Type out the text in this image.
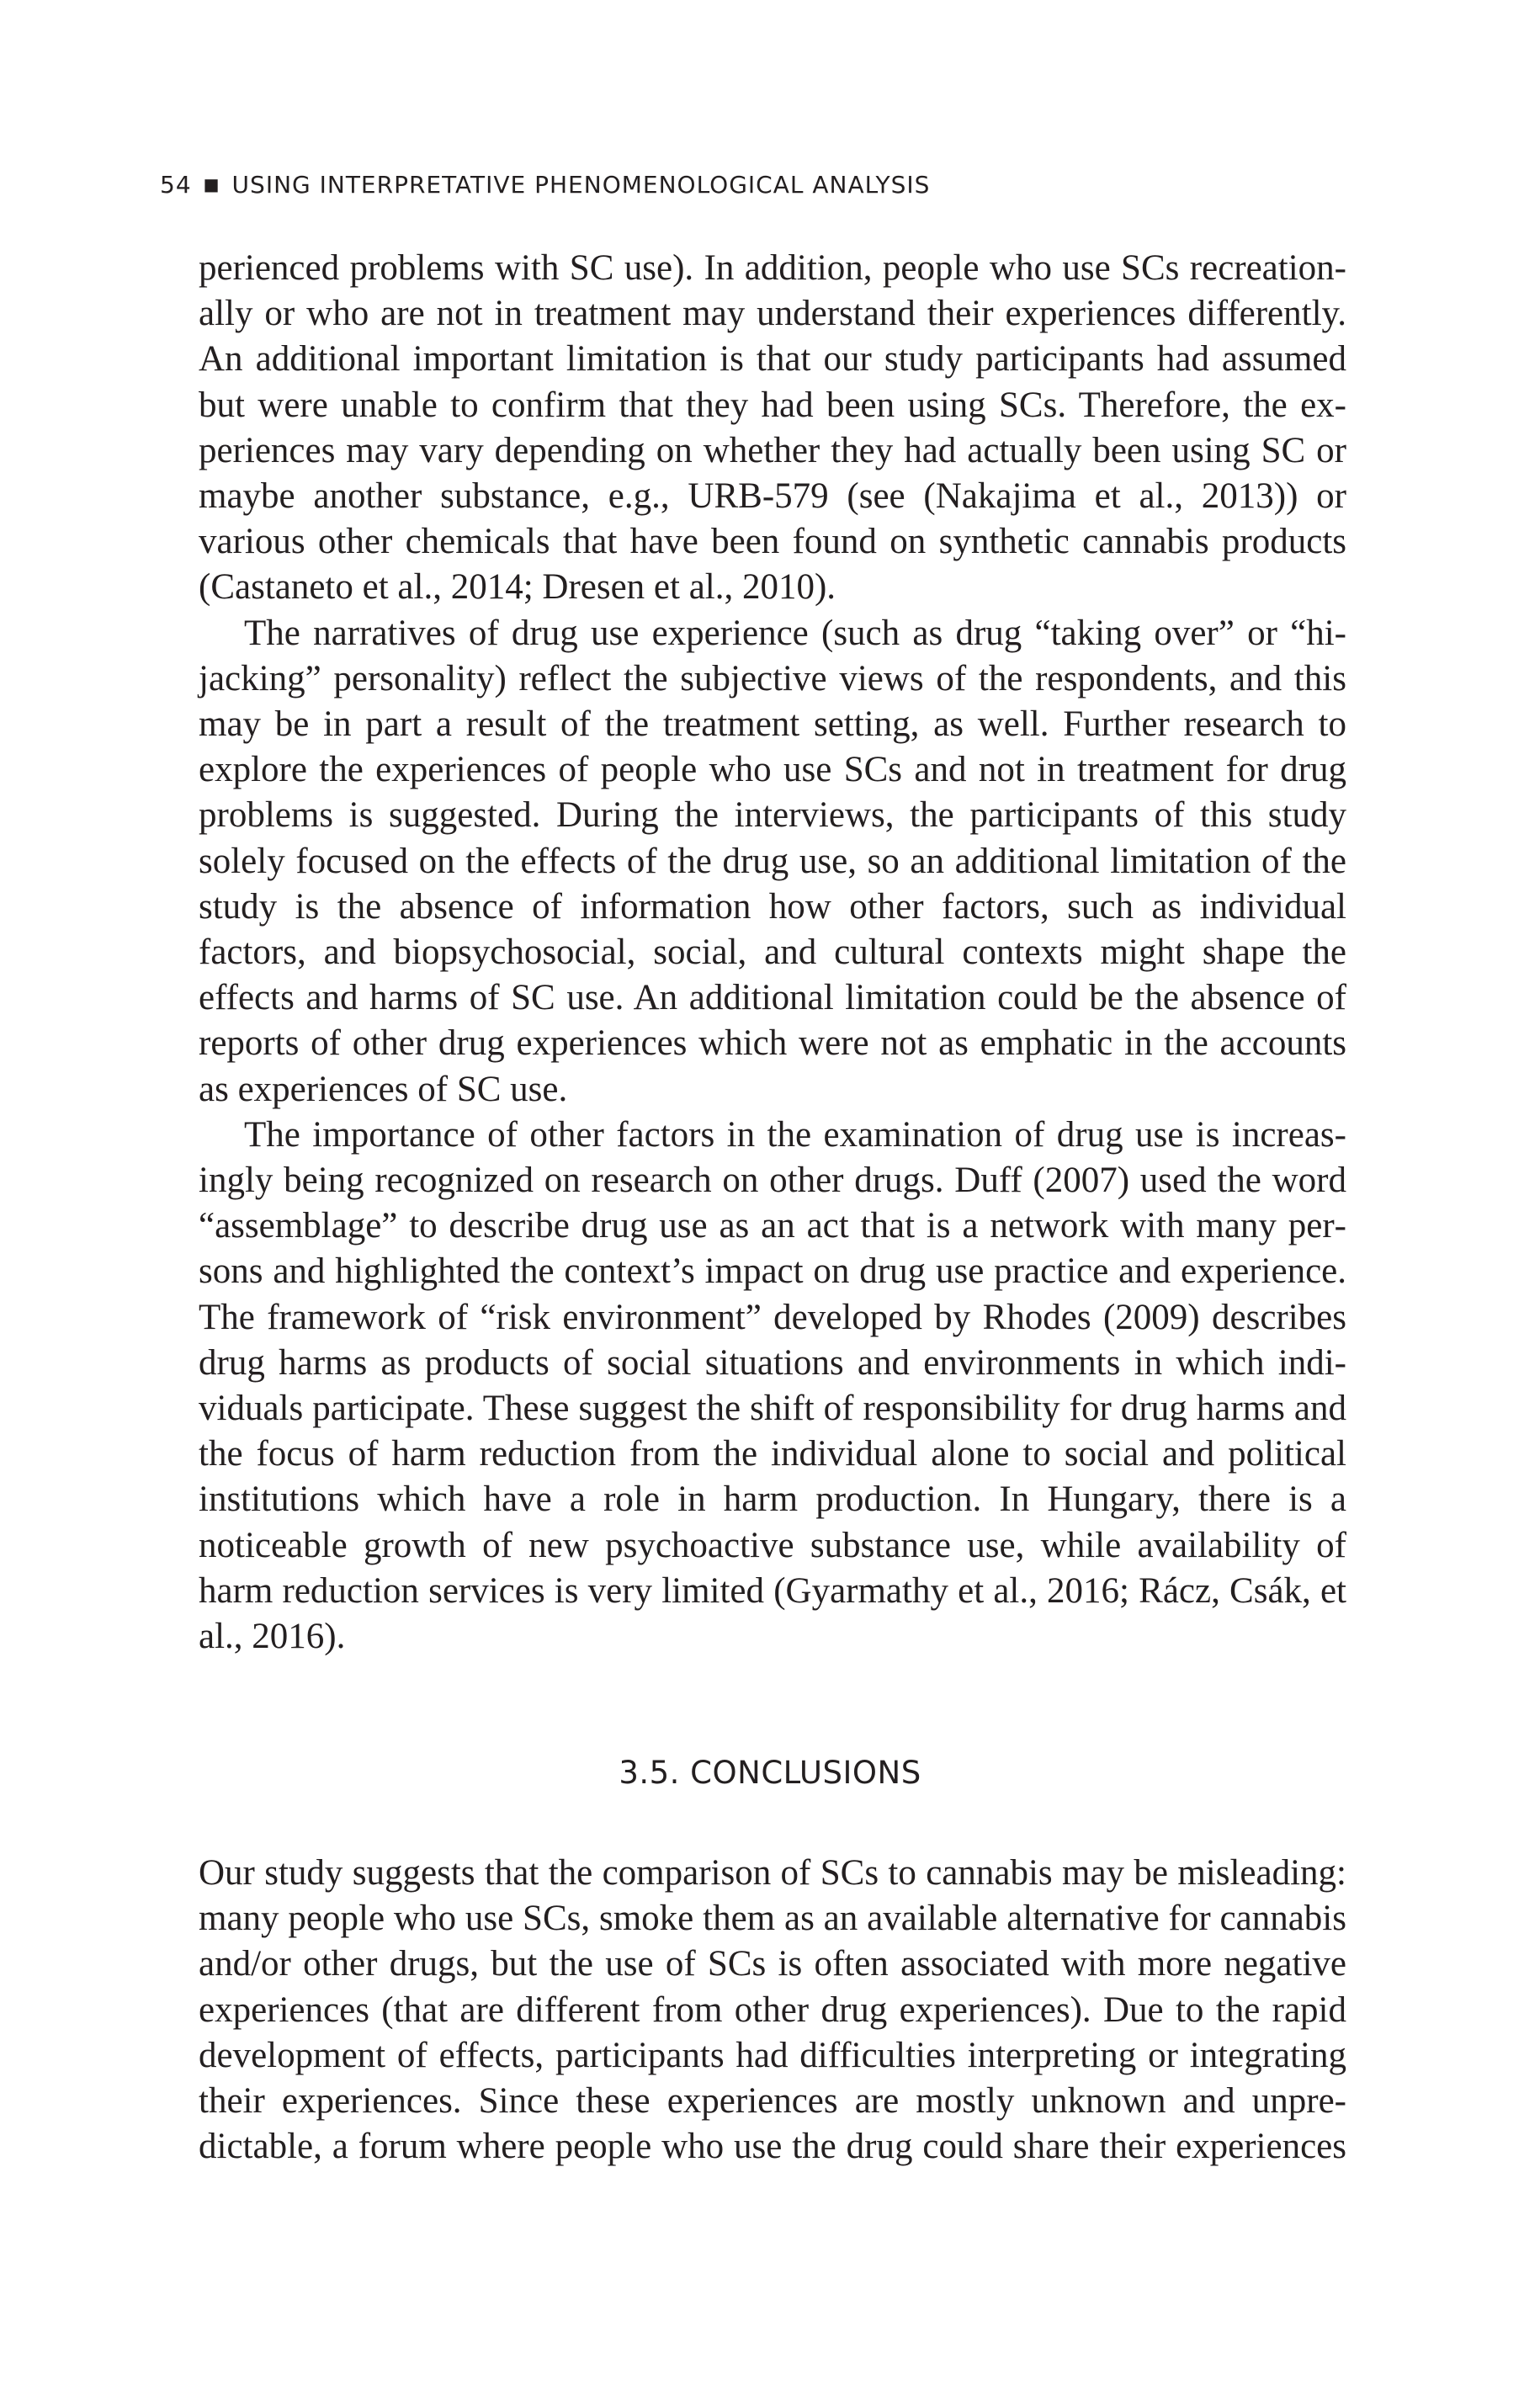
54 ■ USING INTERPRETATIVE PHENOMENOLOGICAL ANALYSIS

perienced problems with SC use). In addition, people who use SCs recreationally or who are not in treatment may understand their experiences differently. An additional important limitation is that our study participants had assumed but were unable to confirm that they had been using SCs. Therefore, the experiences may vary depending on whether they had actually been using SC or maybe another substance, e.g., URB-579 (see (Nakajima et al., 2013)) or various other chemicals that have been found on synthetic cannabis products (Castaneto et al., 2014; Dresen et al., 2010).

The narratives of drug use experience (such as drug “taking over” or “hijacking” personality) reflect the subjective views of the respondents, and this may be in part a result of the treatment setting, as well. Further research to explore the experiences of people who use SCs and not in treatment for drug problems is suggested. During the interviews, the participants of this study solely focused on the effects of the drug use, so an additional limitation of the study is the absence of information how other factors, such as individual factors, and biopsychosocial, social, and cultural contexts might shape the effects and harms of SC use. An additional limitation could be the absence of reports of other drug experiences which were not as emphatic in the accounts as experiences of SC use.

The importance of other factors in the examination of drug use is increasingly being recognized on research on other drugs. Duff (2007) used the word “assemblage” to describe drug use as an act that is a network with many persons and highlighted the context’s impact on drug use practice and experience. The framework of “risk environment” developed by Rhodes (2009) describes drug harms as products of social situations and environments in which individuals participate. These suggest the shift of responsibility for drug harms and the focus of harm reduction from the individual alone to social and political institutions which have a role in harm production. In Hungary, there is a noticeable growth of new psychoactive substance use, while availability of harm reduction services is very limited (Gyarmathy et al., 2016; Rácz, Csák, et al., 2016).

3.5. CONCLUSIONS

Our study suggests that the comparison of SCs to cannabis may be misleading: many people who use SCs, smoke them as an available alternative for cannabis and/or other drugs, but the use of SCs is often associated with more negative experiences (that are different from other drug experiences). Due to the rapid development of effects, participants had difficulties interpreting or integrating their experiences. Since these experiences are mostly unknown and unpredictable, a forum where people who use the drug could share their experiences
